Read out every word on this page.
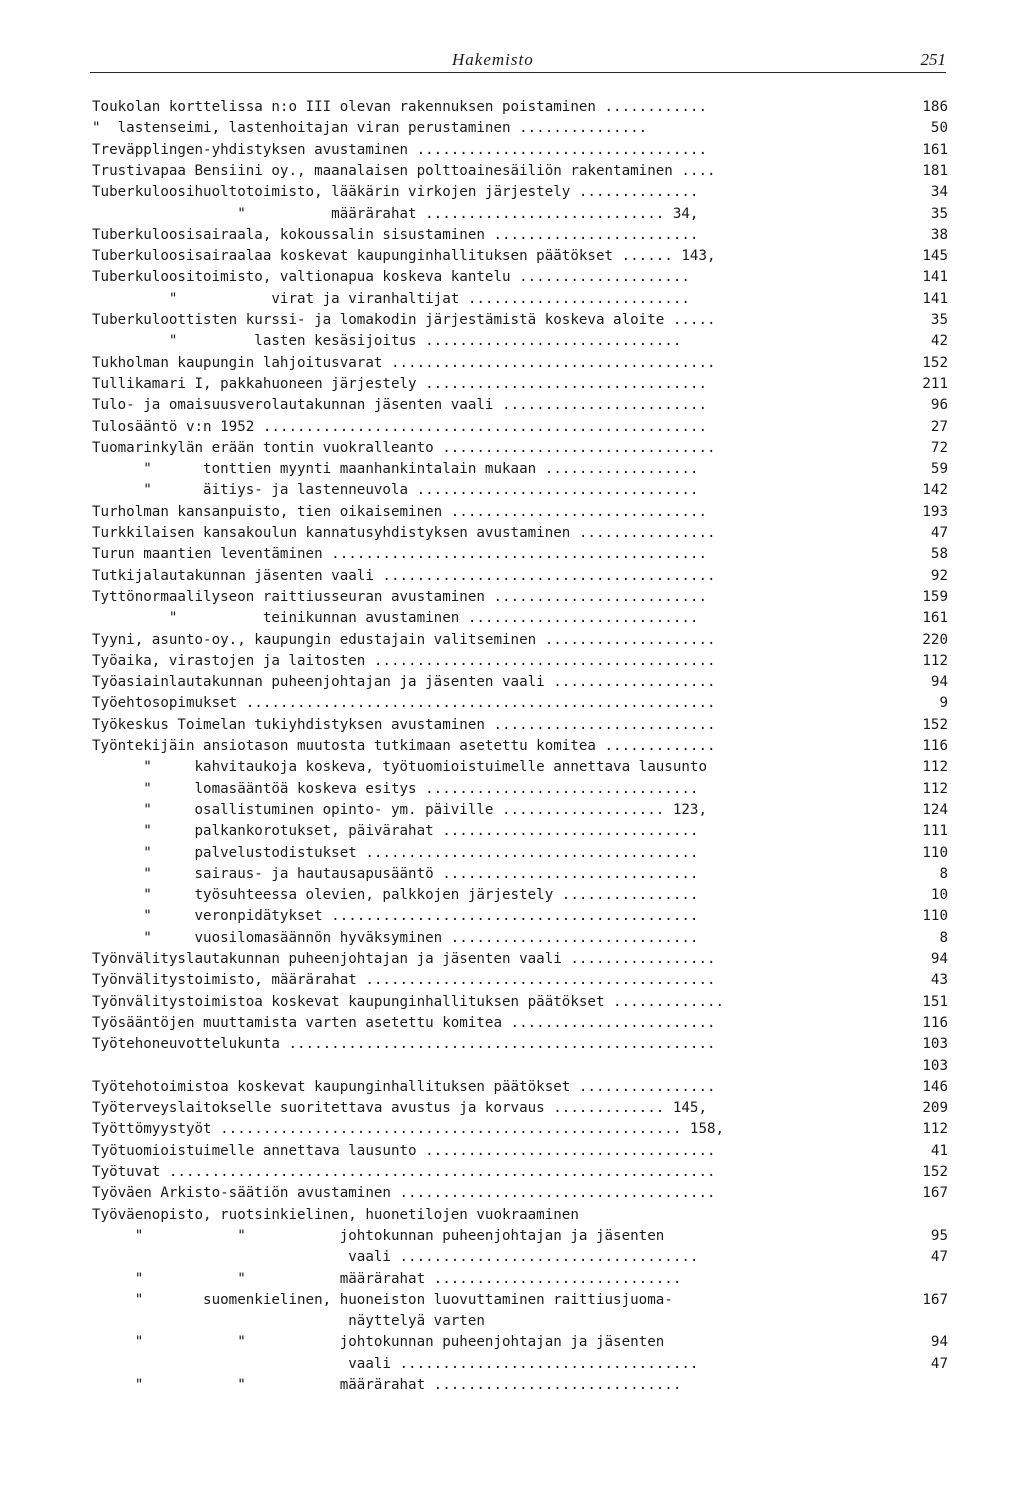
Hakemisto	251
Toukolan korttelissa n:o III olevan rakennuksen poistaminen ............	186
"  lastenseimi, lastenhoitajan viran perustaminen ...............	50
Treväpplingen-yhdistyksen avustaminen ..................................	161
Trustivapaa Bensiini oy., maanalaisen polttoainesäiliön rakentaminen ....	181
Tuberkuloosihuoltotoimisto, lääkärin virkojen järjestely ..............	34
"          määrärahat ............................ 34,	35
Tuberkuloosisairaala, kokoussalin sisustaminen ........................	38
Tuberkuloosisairaalaa koskevat kaupunginhallituksen päätökset ...... 143,	145
Tuberkuloositoimisto, valtionapua koskeva kantelu ....................	141
"           virat ja viranhaltijat ..........................	141
Tuberkuloottisten kurssi- ja lomakodin järjestämistä koskeva aloite .....	35
"         lasten kesäsijoitus ..............................	42
Tukholman kaupungin lahjoitusvarat ......................................	152
Tullikamari I, pakkahuoneen järjestely .................................	211
Tulo- ja omaisuusverolautakunnan jäsenten vaali ........................	96
Tulosääntö v:n 1952 ....................................................	27
Tuomarinkylän erään tontin vuokralleanto ................................	72
"      tonttien myynti maanhankintalain mukaan ..................	59
"      äitiys- ja lastenneuvola .................................	142
Turholman kansanpuisto, tien oikaiseminen ..............................	193
Turkkilaisen kansakoulun kannatusyhdistyksen avustaminen ................	47
Turun maantien leventäminen ............................................	58
Tutkijalautakunnan jäsenten vaali .......................................	92
Tyttönormaalilyseon raittiusseuran avustaminen .........................	159
"          teinikunnan avustaminen ...........................	161
Tyyni, asunto-oy., kaupungin edustajain valitseminen ....................	220
Työaika, virastojen ja laitosten ........................................	112
Työasiainlautakunnan puheenjohtajan ja jäsenten vaali ...................	94
Työehtosopimukset .......................................................	9
Työkeskus Toimelan tukiyhdistyksen avustaminen ..........................	152
Työntekijäin ansiotason muutosta tutkimaan asetettu komitea .............	116
"     kahvitaukoja koskeva, työtuomioistuimelle annettava lausunto	112
"     lomasääntöä koskeva esitys ................................	112
"     osallistuminen opinto- ym. päiville ................... 123,	124
"     palkankorotukset, päivärahat ..............................	111
"     palvelustodistukset .......................................	110
"     sairaus- ja hautausapusääntö ..............................	8
"     työsuhteessa olevien, palkkojen järjestely ................	10
"     veronpidätykset ...........................................	110
"     vuosilomasäännön hyväksyminen .............................	8
Työnvälityslautakunnan puheenjohtajan ja jäsenten vaali .................	94
Työnvälitystoimisto, määrärahat .........................................	43
Työnvälitystoimistoa koskevat kaupunginhallituksen päätökset .............	151
Työsääntöjen muuttamista varten asetettu komitea ........................	116
Työtehoneuvottelukunta ..................................................	103
103
Työtehotoimistoa koskevat kaupunginhallituksen päätökset ................	146
Työterveyslaitokselle suoritettava avustus ja korvaus ............. 145,	209
Työttömyystyöt ...................................................... 158,	112
Työtuomioistuimelle annettava lausunto ..................................	41
Työtuvat ................................................................	152
Työväen Arkisto-säätiön avustaminen .....................................	167
Työväenopisto, ruotsinkielinen, huonetilojen vuokraaminen
"           "           johtokunnan puheenjohtajan ja jäsenten	95
vaali ...................................	47
"           "           määrärahat .............................
"       suomenkielinen, huoneiston luovuttaminen raittiusjuoma-	167
näyttelyä varten
"           "           johtokunnan puheenjohtajan ja jäsenten	94
vaali ...................................	47
"           "           määrärahat .............................
